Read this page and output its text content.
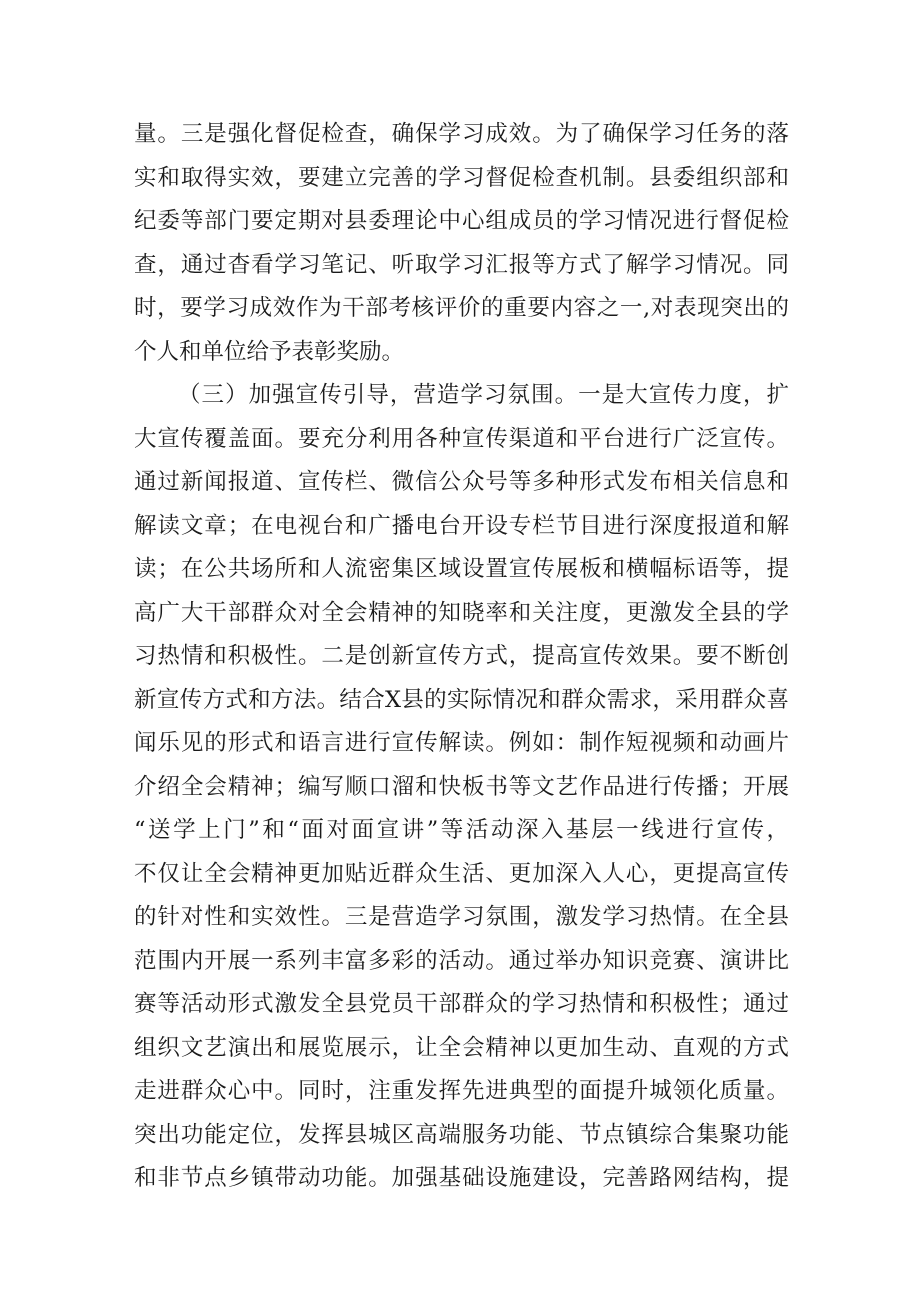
量。三是强化督促检查，确保学习成效。为了确保学习任务的落
实和取得实效，要建立完善的学习督促检查机制。县委组织部和
纪委等部门要定期对县委理论中心组成员的学习情况进行督促检
查，通过杳看学习笔记、听取学习汇报等方式了解学习情况。同
时，要学习成效作为干部考核评价的重要内容之一,对表现突出的
个人和单位给予表彰奖励。
（三）加强宣传引导，营造学习氛围。一是大宣传力度，扩
大宣传覆盖面。要充分利用各种宣传渠道和平台进行广泛宣传。
通过新闻报道、宣传栏、微信公众号等多种形式发布相关信息和
解读文章；在电视台和广播电台开设专栏节目进行深度报道和解
读；在公共场所和人流密集区域设置宣传展板和横幅标语等，提
高广大干部群众对全会精神的知晓率和关注度，更激发全县的学
习热情和积极性。二是创新宣传方式，提高宣传效果。要不断创
新宣传方式和方法。结合X县的实际情况和群众需求，采用群众喜
闻乐见的形式和语言进行宣传解读。例如：制作短视频和动画片
介绍全会精神；编写顺口溜和快板书等文艺作品进行传播；开展
“送学上门”和“面对面宣讲”等活动深入基层一线进行宣传，
不仅让全会精神更加贴近群众生活、更加深入人心，更提高宣传
的针对性和实效性。三是营造学习氛围，激发学习热情。在全县
范围内开展一系列丰富多彩的活动。通过举办知识竞赛、演讲比
赛等活动形式激发全县党员干部群众的学习热情和积极性；通过
组织文艺演出和展览展示，让全会精神以更加生动、直观的方式
走进群众心中。同时，注重发挥先进典型的面提升城领化质量。
突出功能定位，发挥县城区高端服务功能、节点镇综合集聚功能
和非节点乡镇带动功能。加强基础设施建设，完善路网结构，提
